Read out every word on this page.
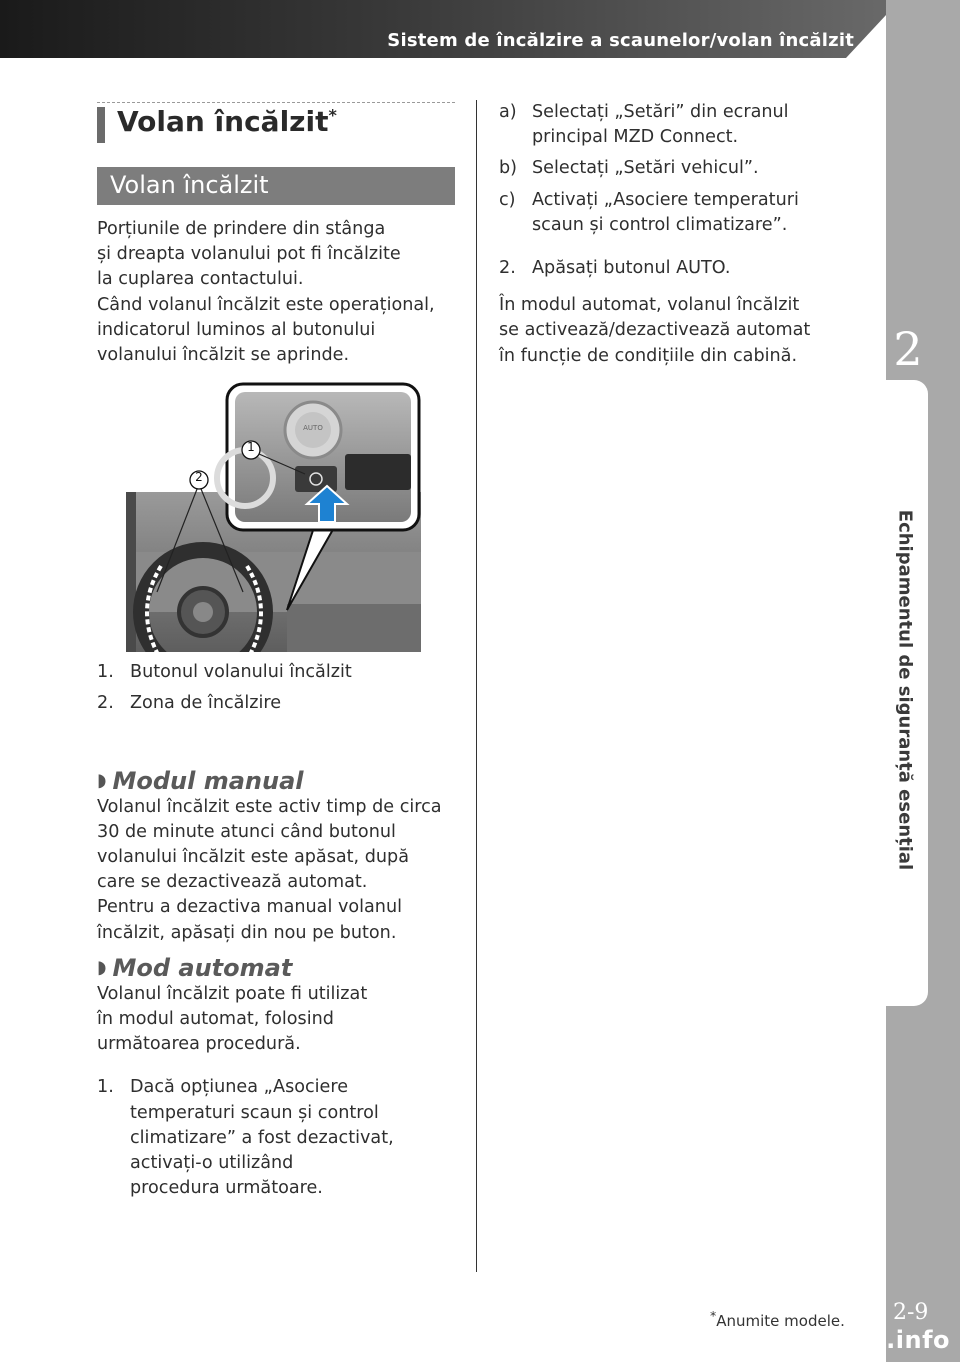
Sistem de încălzire a scaunelor/volan încălzit
2
Echipamentul de siguranță esențial
2-9
Volan încălzit*
Volan încălzit

Porțiunile de prindere din stânga

și dreapta volanului pot fi încălzite

la cuplarea contactului.

Când volanul încălzit este operațional,

indicatorul luminos al butonului

volanului încălzit se aprinde.

2
1
AUTO
1. Butonul volanului încălzit
2. Zona de încălzire
◗ Modul manual

Volanul încălzit este activ timp de circa

30 de minute atunci când butonul

volanului încălzit este apăsat, după

care se dezactivează automat.

Pentru a dezactiva manual volanul

încălzit, apăsați din nou pe buton.

◗ Mod automat

Volanul încălzit poate fi utilizat

în modul automat, folosind

următoarea procedură.

1. Dacă opțiunea „Asociere
temperaturi scaun și control
climatizare” a fost dezactivat,
activați-o utilizând
procedura următoare.
a) Selectați „Setări” din ecranul
principal MZD Connect.
b) Selectați „Setări vehicul”.
c) Activați „Asociere temperaturi
scaun și control climatizare”.
2. Apăsați butonul AUTO.

În modul automat, volanul încălzit

se activează/dezactivează automat

în funcție de condițiile din cabină.

*Anumite modele.
carmanualsonline.info
